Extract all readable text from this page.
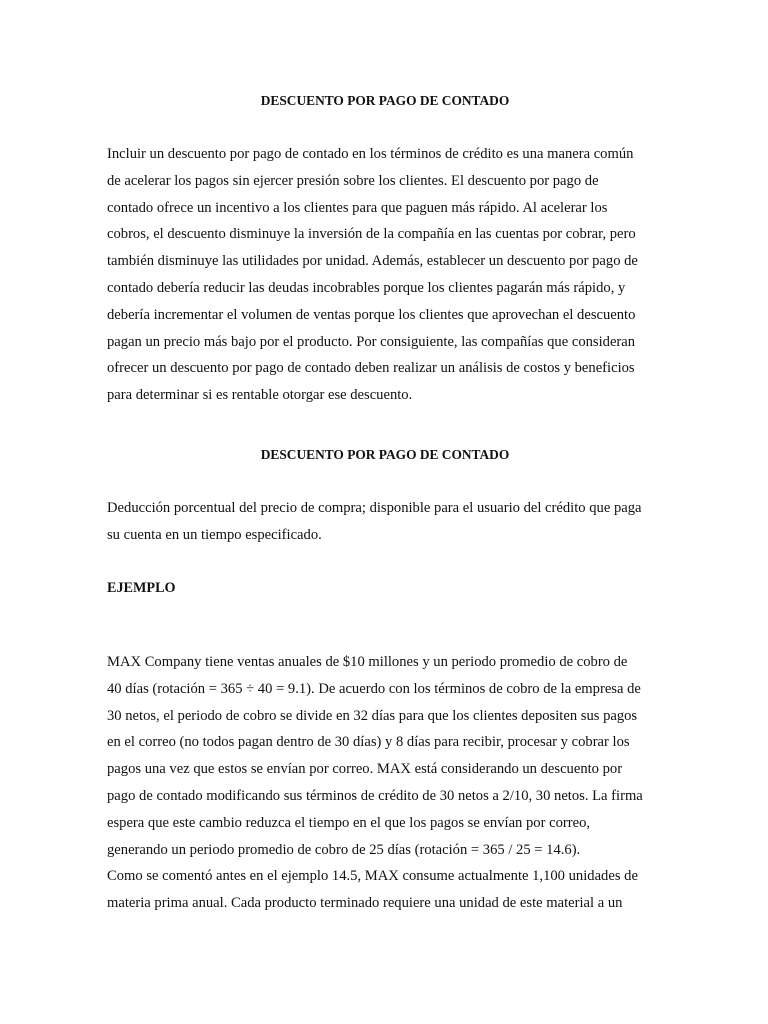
DESCUENTO POR PAGO DE CONTADO

Incluir un descuento por pago de contado en los términos de crédito es una manera común
de acelerar los pagos sin ejercer presión sobre los clientes. El descuento por pago de
contado ofrece un incentivo a los clientes para que paguen más rápido. Al acelerar los
cobros, el descuento disminuye la inversión de la compañía en las cuentas por cobrar, pero
también disminuye las utilidades por unidad. Además, establecer un descuento por pago de
contado debería reducir las deudas incobrables porque los clientes pagarán más rápido, y
debería incrementar el volumen de ventas porque los clientes que aprovechan el descuento
pagan un precio más bajo por el producto. Por consiguiente, las compañías que consideran
ofrecer un descuento por pago de contado deben realizar un análisis de costos y beneficios
para determinar si es rentable otorgar ese descuento.

DESCUENTO POR PAGO DE CONTADO

Deducción porcentual del precio de compra; disponible para el usuario del crédito que paga
su cuenta en un tiempo especificado.

EJEMPLO

MAX Company tiene ventas anuales de $10 millones y un periodo promedio de cobro de
40 días (rotación = 365 ÷ 40 = 9.1). De acuerdo con los términos de cobro de la empresa de
30 netos, el periodo de cobro se divide en 32 días para que los clientes depositen sus pagos
en el correo (no todos pagan dentro de 30 días) y 8 días para recibir, procesar y cobrar los
pagos una vez que estos se envían por correo. MAX está considerando un descuento por
pago de contado modificando sus términos de crédito de 30 netos a 2/10, 30 netos. La firma
espera que este cambio reduzca el tiempo en el que los pagos se envían por correo,
generando un periodo promedio de cobro de 25 días (rotación = 365 / 25 = 14.6).
Como se comentó antes en el ejemplo 14.5, MAX consume actualmente 1,100 unidades de
materia prima anual. Cada producto terminado requiere una unidad de este material a un
